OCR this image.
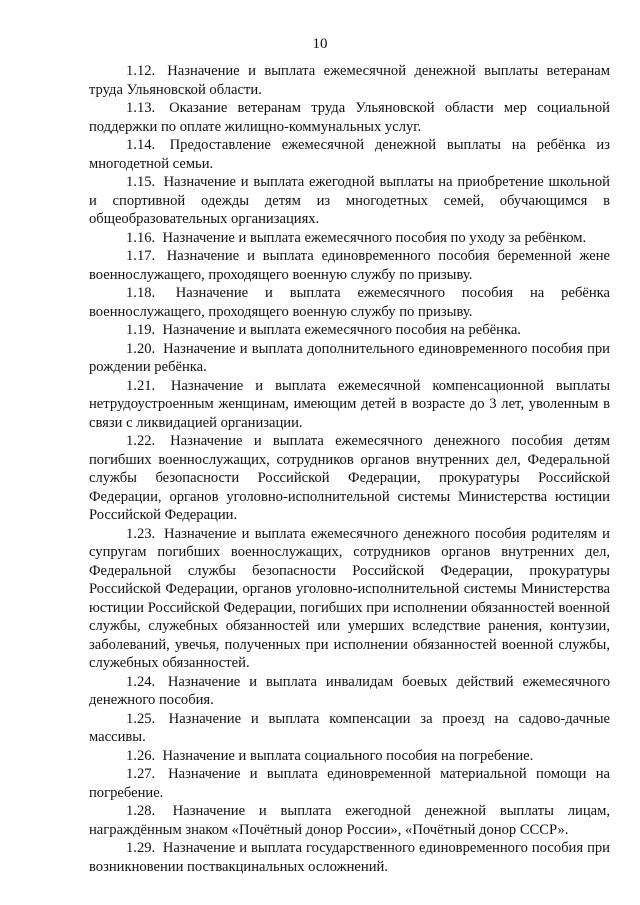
10

1.12. Назначение и выплата ежемесячной денежной выплаты ветеранам труда Ульяновской области.

1.13. Оказание ветеранам труда Ульяновской области мер социальной поддержки по оплате жилищно-коммунальных услуг.

1.14. Предоставление ежемесячной денежной выплаты на ребёнка из многодетной семьи.

1.15. Назначение и выплата ежегодной выплаты на приобретение школьной и спортивной одежды детям из многодетных семей, обучающимся в общеобразовательных организациях.

1.16. Назначение и выплата ежемесячного пособия по уходу за ребёнком.

1.17. Назначение и выплата единовременного пособия беременной жене военнослужащего, проходящего военную службу по призыву.

1.18. Назначение и выплата ежемесячного пособия на ребёнка военнослужащего, проходящего военную службу по призыву.

1.19. Назначение и выплата ежемесячного пособия на ребёнка.

1.20. Назначение и выплата дополнительного единовременного пособия при рождении ребёнка.

1.21. Назначение и выплата ежемесячной компенсационной выплаты нетрудоустроенным женщинам, имеющим детей в возрасте до 3 лет, уволенным в связи с ликвидацией организации.

1.22. Назначение и выплата ежемесячного денежного пособия детям погибших военнослужащих, сотрудников органов внутренних дел, Федеральной службы безопасности Российской Федерации, прокуратуры Российской Федерации, органов уголовно-исполнительной системы Министерства юстиции Российской Федерации.

1.23. Назначение и выплата ежемесячного денежного пособия родителям и супругам погибших военнослужащих, сотрудников органов внутренних дел, Федеральной службы безопасности Российской Федерации, прокуратуры Российской Федерации, органов уголовно-исполнительной системы Министерства юстиции Российской Федерации, погибших при исполнении обязанностей военной службы, служебных обязанностей или умерших вследствие ранения, контузии, заболеваний, увечья, полученных при исполнении обязанностей военной службы, служебных обязанностей.

1.24. Назначение и выплата инвалидам боевых действий ежемесячного денежного пособия.

1.25. Назначение и выплата компенсации за проезд на садово-дачные массивы.

1.26. Назначение и выплата социального пособия на погребение.

1.27. Назначение и выплата единовременной материальной помощи на погребение.

1.28. Назначение и выплата ежегодной денежной выплаты лицам, награждённым знаком «Почётный донор России», «Почётный донор СССР».

1.29. Назначение и выплата государственного единовременного пособия при возникновении поствакцинальных осложнений.
